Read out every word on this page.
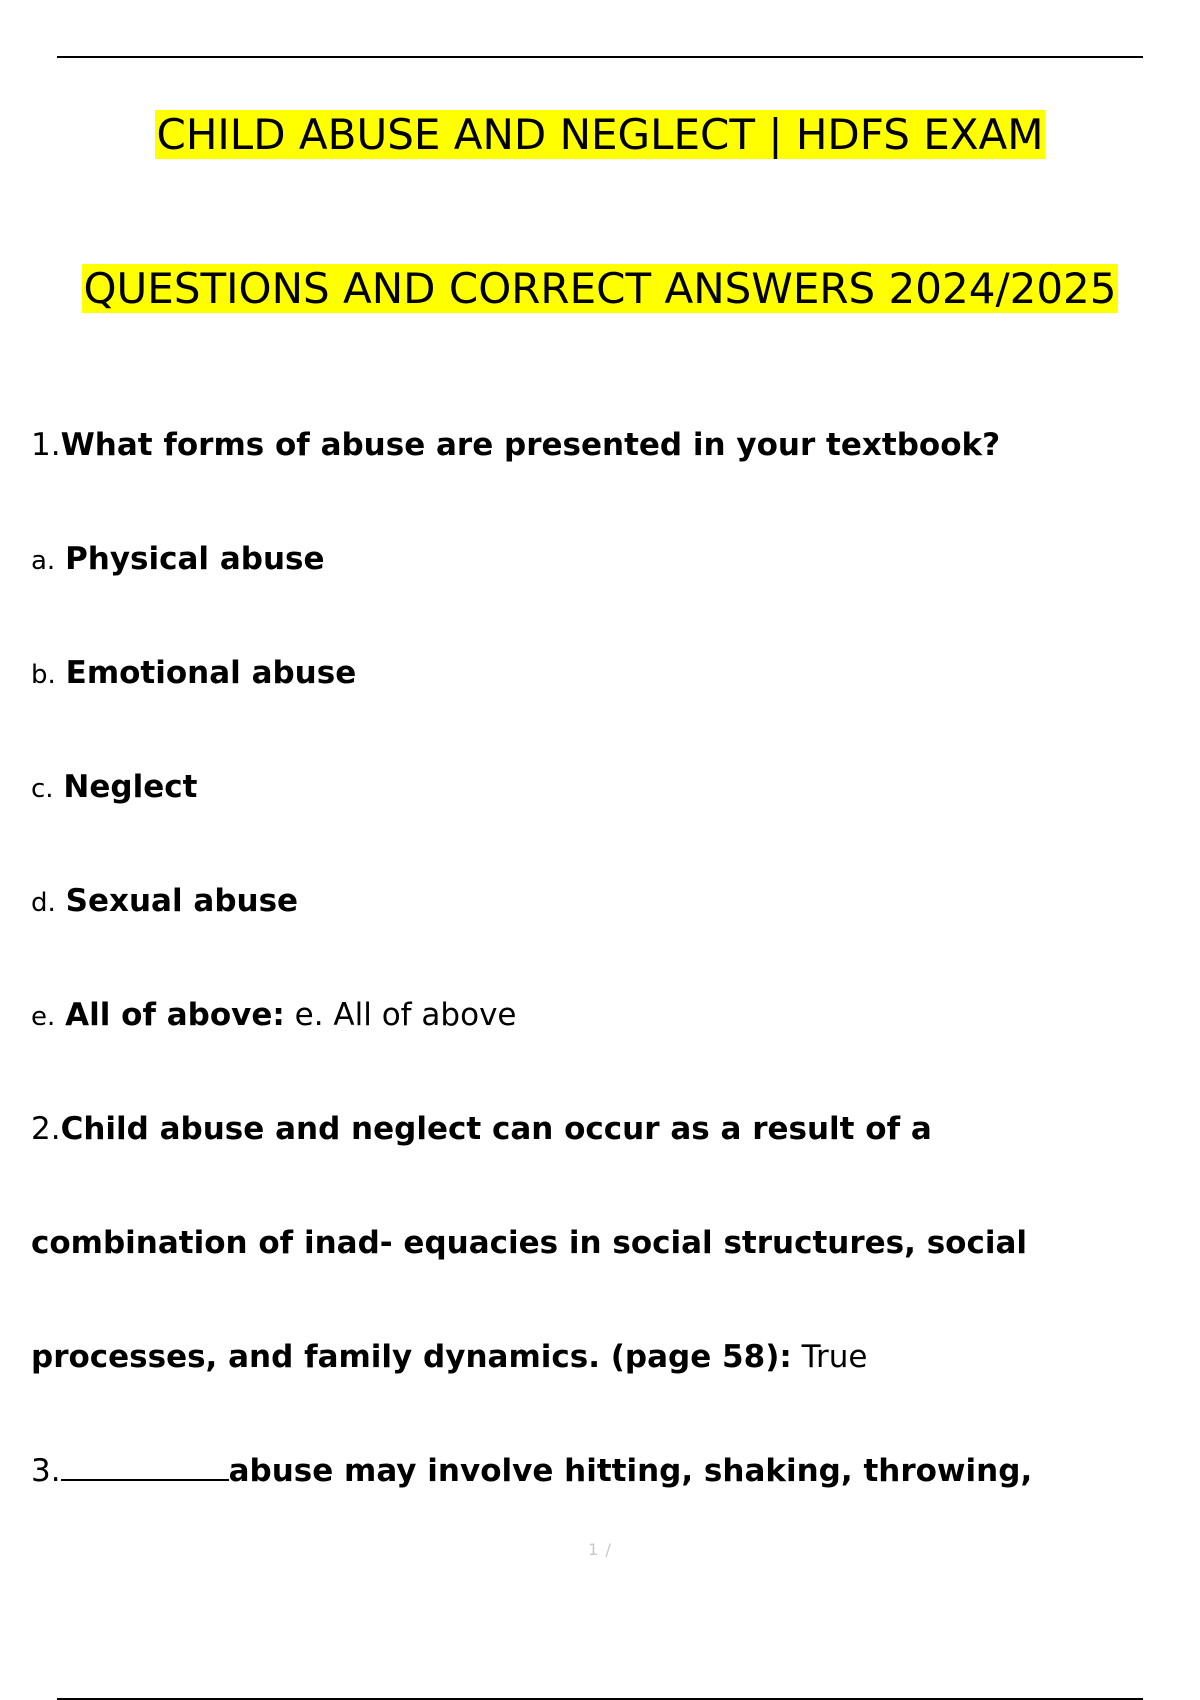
CHILD ABUSE AND NEGLECT | HDFS EXAM
QUESTIONS AND CORRECT ANSWERS 2024/2025
1.What forms of abuse are presented in your textbook?
a. Physical abuse
b. Emotional abuse
c. Neglect
d. Sexual abuse
e. All of above: e. All of above
2.Child abuse and neglect can occur as a result of a
combination of inad- equacies in social structures, social
processes, and family dynamics. (page 58): True
3.	abuse may involve hitting, shaking, throwing,
1 /
